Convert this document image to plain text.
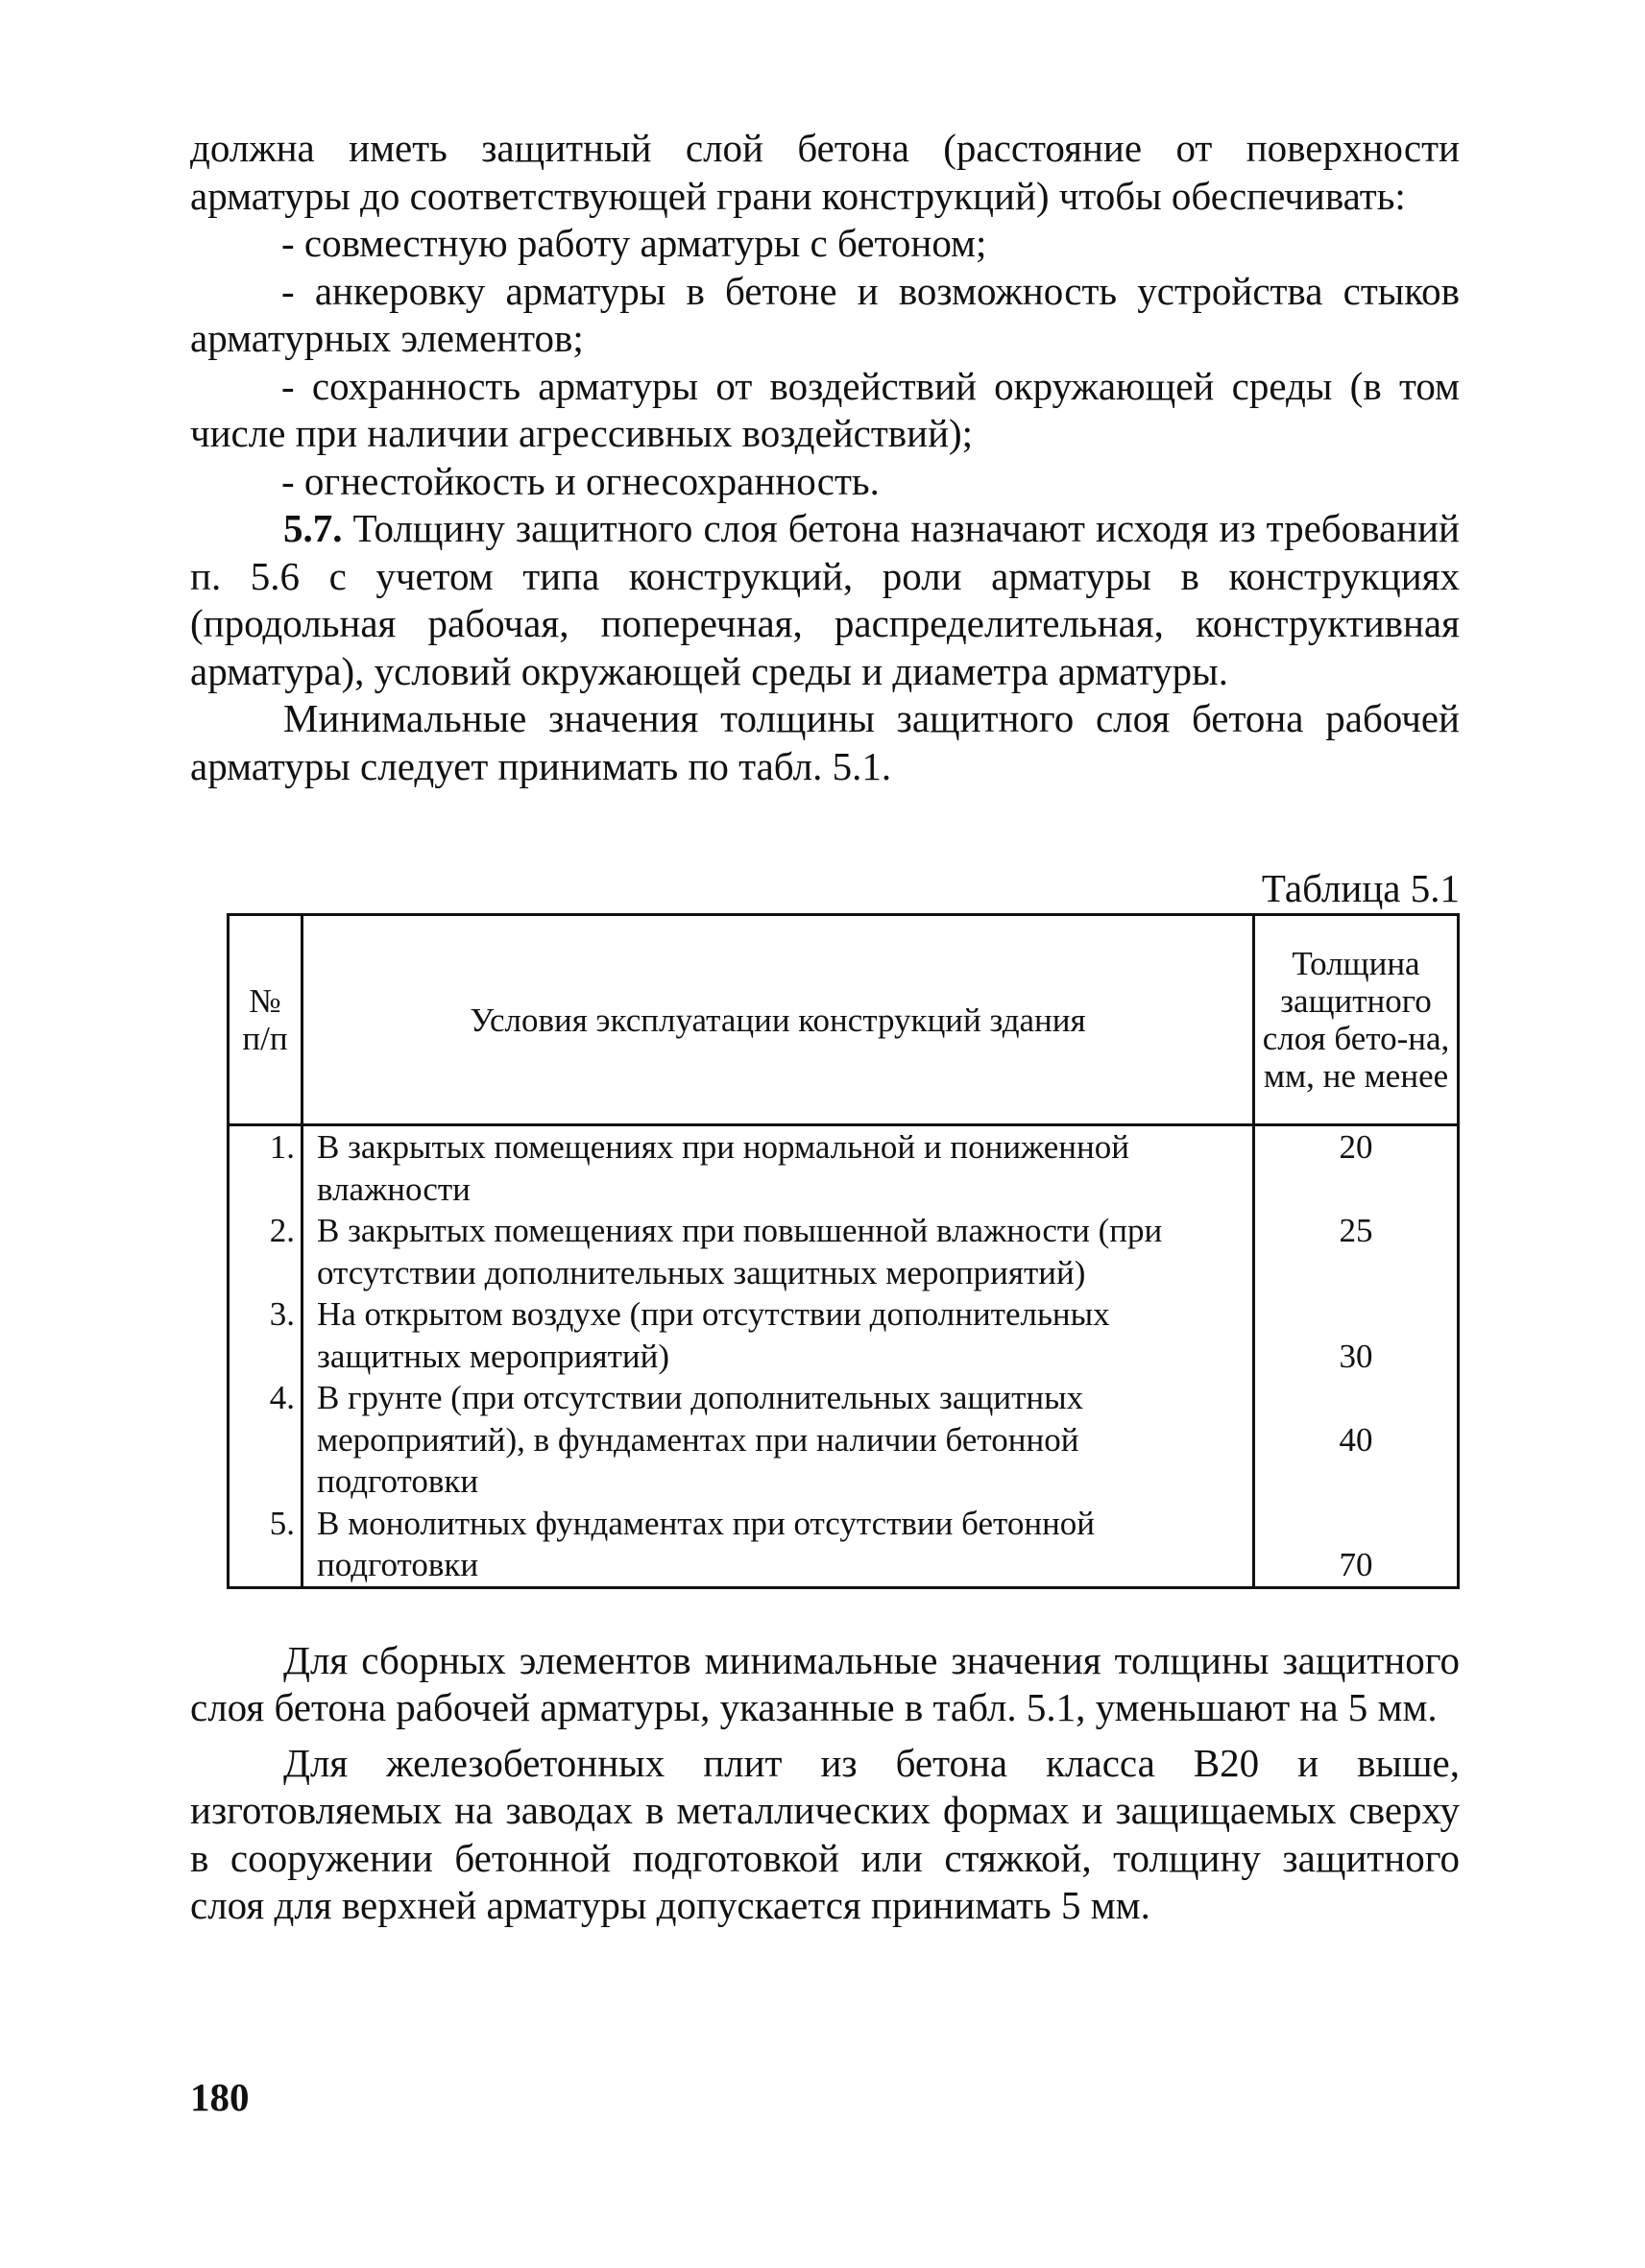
должна иметь защитный слой бетона (расстояние от поверхности арматуры до соответствующей грани конструкций) чтобы обеспечивать:

- совместную работу арматуры с бетоном;

- анкеровку арматуры в бетоне и возможность устройства стыков арматурных элементов;

- сохранность арматуры от воздействий окружающей среды (в том числе при наличии агрессивных воздействий);

- огнестойкость и огнесохранность.

5.7. Толщину защитного слоя бетона назначают исходя из требований п. 5.6 с учетом типа конструкций, роли арматуры в конструкциях (продольная рабочая, поперечная, распределительная, конструктивная арматура), условий окружающей среды и диаметра арматуры.

Минимальные значения толщины защитного слоя бетона рабочей арматуры следует принимать по табл. 5.1.

Таблица 5.1
№ п/п	Условия эксплуатации конструкций здания	Толщина защитного слоя бето-на, мм, не менее
1.	В закрытых помещениях при нормальной и пониженной влажности	20
2.	В закрытых помещениях при повышенной влажности (при отсутствии дополнительных защитных мероприятий)	25
3.	На открытом воздухе (при отсутствии дополнительных защитных мероприятий)	30
4.	В грунте (при отсутствии дополнительных защитных мероприятий), в фундаментах при наличии бетонной подготовки	40
5.	В монолитных фундаментах при отсутствии бетонной подготовки	70

Для сборных элементов минимальные значения толщины защитного слоя бетона рабочей арматуры, указанные в табл. 5.1, уменьшают на 5 мм.

Для железобетонных плит из бетона класса В20 и выше, изготовляемых на заводах в металлических формах и защищаемых сверху в сооружении бетонной подготовкой или стяжкой, толщину защитного слоя для верхней арматуры допускается принимать 5 мм.

180
